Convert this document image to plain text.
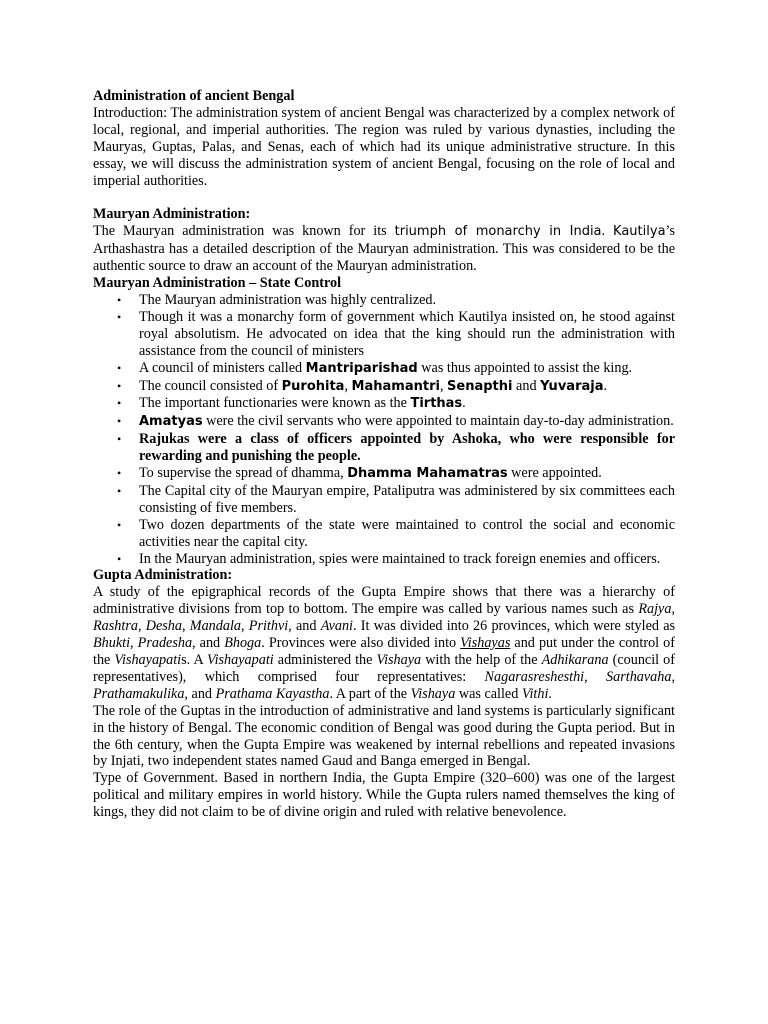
Administration of ancient Bengal

Introduction: The administration system of ancient Bengal was characterized by a complex network of local, regional, and imperial authorities. The region was ruled by various dynasties, including the Mauryas, Guptas, Palas, and Senas, each of which had its unique administrative structure. In this essay, we will discuss the administration system of ancient Bengal, focusing on the role of local and imperial authorities.

Mauryan Administration:

The Mauryan administration was known for its triumph of monarchy in India. Kautilya’s Arthashastra has a detailed description of the Mauryan administration. This was considered to be the authentic source to draw an account of the Mauryan administration.

Mauryan Administration – State Control
• The Mauryan administration was highly centralized.
• Though it was a monarchy form of government which Kautilya insisted on, he stood against royal absolutism. He advocated on idea that the king should run the administration with assistance from the council of ministers
• A council of ministers called Mantriparishad was thus appointed to assist the king.
• The council consisted of Purohita, Mahamantri, Senapthi and Yuvaraja.
• The important functionaries were known as the Tirthas.
• Amatyas were the civil servants who were appointed to maintain day-to-day administration.
• Rajukas were a class of officers appointed by Ashoka, who were responsible for rewarding and punishing the people.
• To supervise the spread of dhamma, Dhamma Mahamatras were appointed.
• The Capital city of the Mauryan empire, Pataliputra was administered by six committees each consisting of five members.
• Two dozen departments of the state were maintained to control the social and economic activities near the capital city.
• In the Mauryan administration, spies were maintained to track foreign enemies and officers.
Gupta Administration:

A study of the epigraphical records of the Gupta Empire shows that there was a hierarchy of administrative divisions from top to bottom. The empire was called by various names such as Rajya, Rashtra, Desha, Mandala, Prithvi, and Avani. It was divided into 26 provinces, which were styled as Bhukti, Pradesha, and Bhoga. Provinces were also divided into Vishayas and put under the control of the Vishayapatis. A Vishayapati administered the Vishaya with the help of the Adhikarana (council of representatives), which comprised four representatives: Nagarasreshesthi, Sarthavaha, Prathamakulika, and Prathama Kayastha. A part of the Vishaya was called Vithi.

The role of the Guptas in the introduction of administrative and land systems is particularly significant in the history of Bengal. The economic condition of Bengal was good during the Gupta period. But in the 6th century, when the Gupta Empire was weakened by internal rebellions and repeated invasions by Injati, two independent states named Gaud and Banga emerged in Bengal.

Type of Government. Based in northern India, the Gupta Empire (320–600) was one of the largest political and military empires in world history. While the Gupta rulers named themselves the king of kings, they did not claim to be of divine origin and ruled with relative benevolence.
